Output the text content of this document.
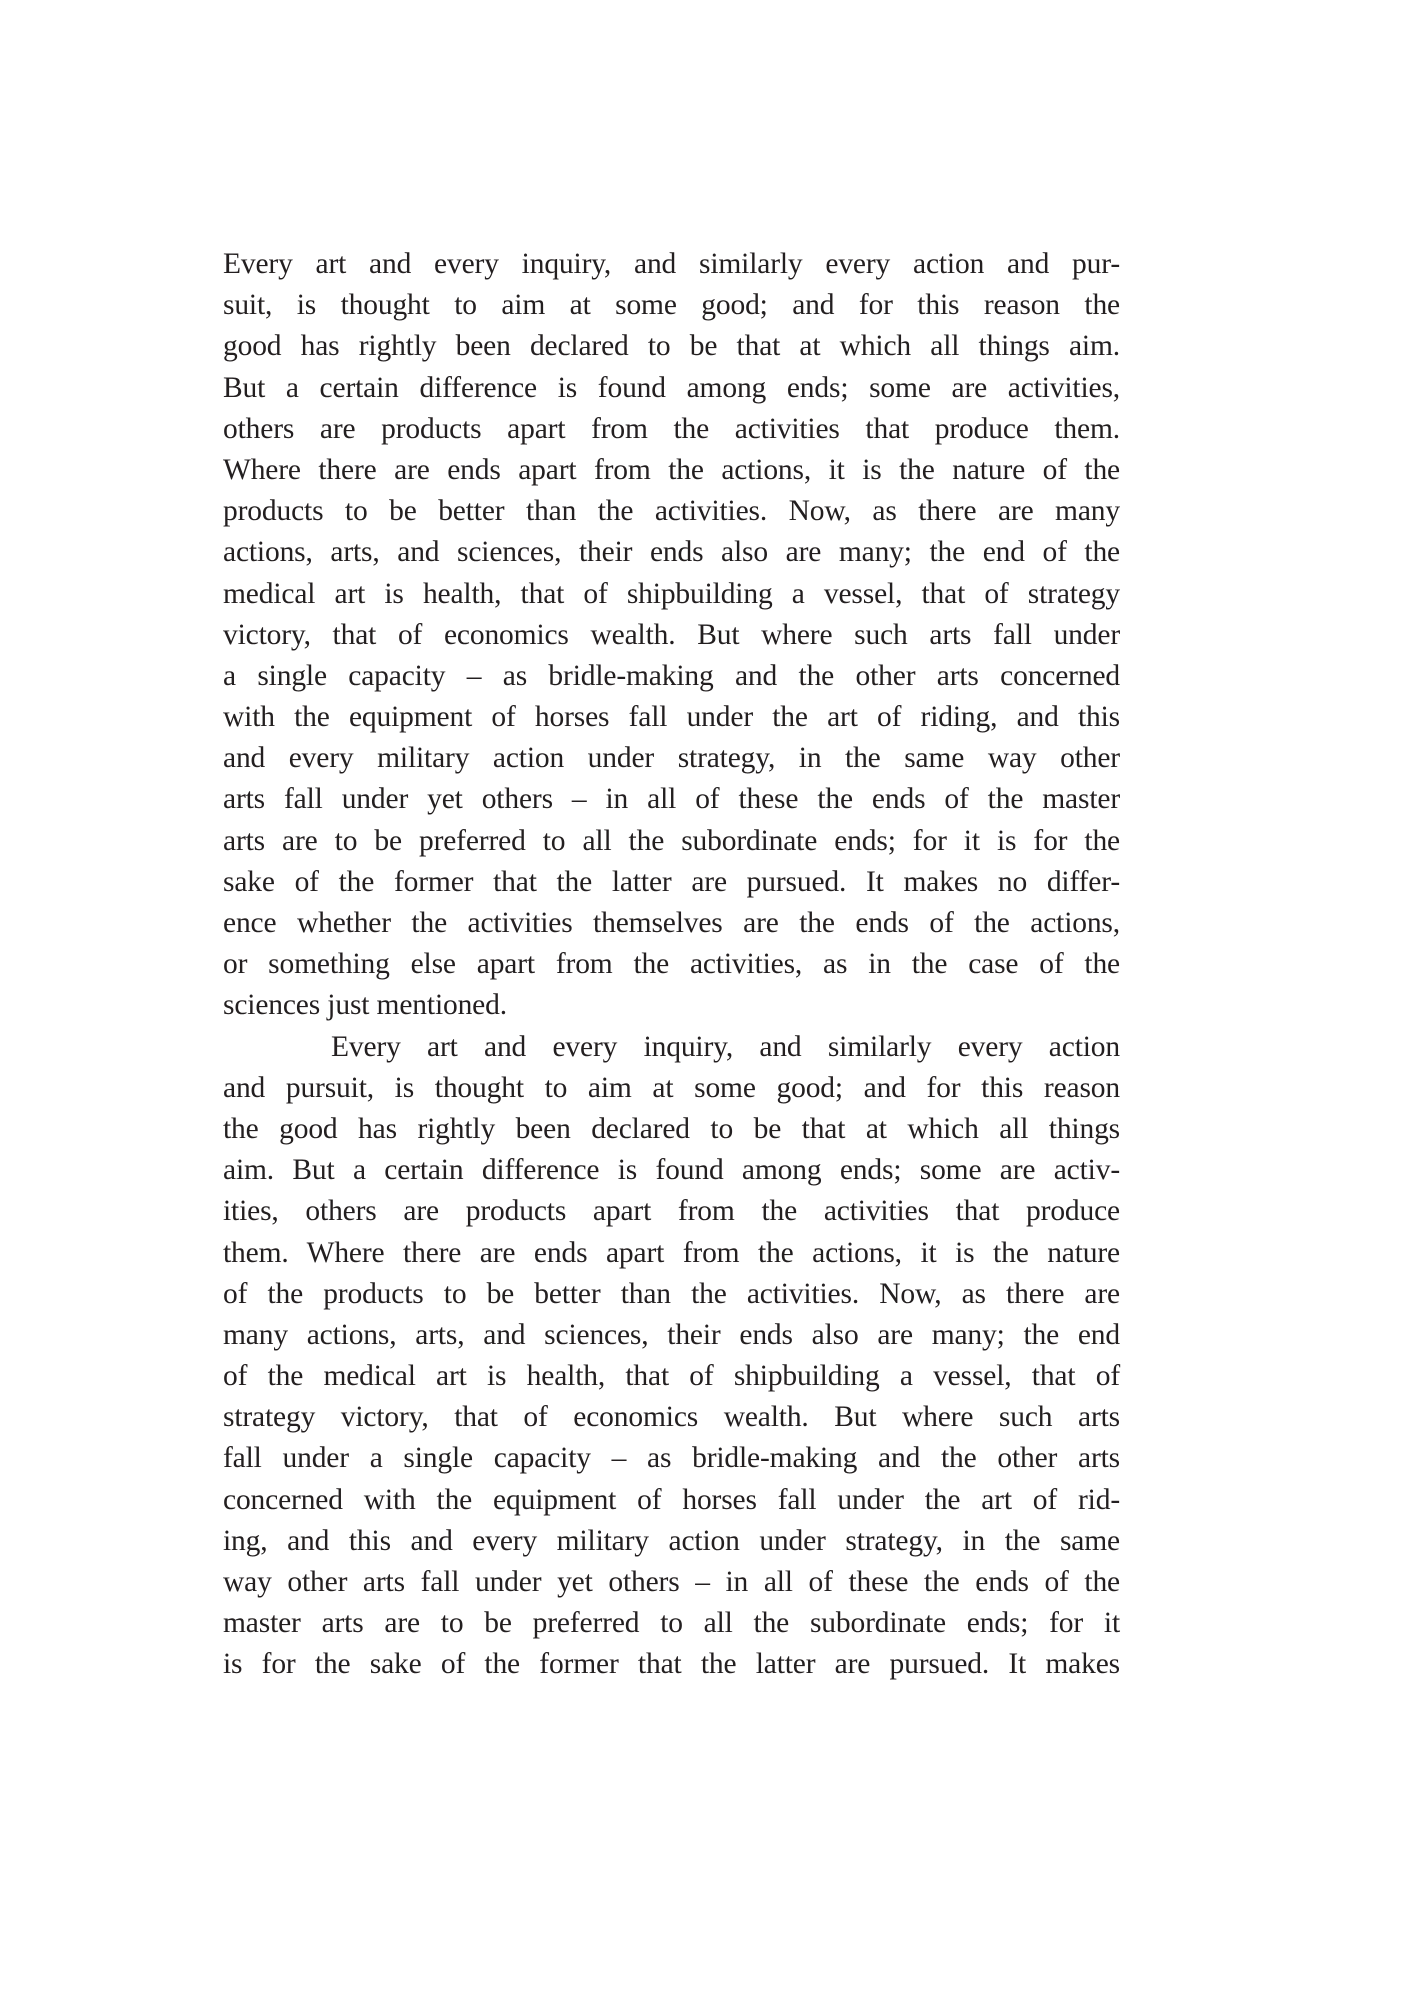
Every art and every inquiry, and similarly every action and pur-
suit, is thought to aim at some good; and for this reason the
good has rightly been declared to be that at which all things aim.
But a certain difference is found among ends; some are activities,
others are products apart from the activities that produce them.
Where there are ends apart from the actions, it is the nature of the
products to be better than the activities. Now, as there are many
actions, arts, and sciences, their ends also are many; the end of the
medical art is health, that of shipbuilding a vessel, that of strategy
victory, that of economics wealth. But where such arts fall under
a single capacity – as bridle-making and the other arts concerned
with the equipment of horses fall under the art of riding, and this
and every military action under strategy, in the same way other
arts fall under yet others – in all of these the ends of the master
arts are to be preferred to all the subordinate ends; for it is for the
sake of the former that the latter are pursued. It makes no differ-
ence whether the activities themselves are the ends of the actions,
or something else apart from the activities, as in the case of the
sciences just mentioned.
Every art and every inquiry, and similarly every action
and pursuit, is thought to aim at some good; and for this reason
the good has rightly been declared to be that at which all things
aim. But a certain difference is found among ends; some are activ-
ities, others are products apart from the activities that produce
them. Where there are ends apart from the actions, it is the nature
of the products to be better than the activities. Now, as there are
many actions, arts, and sciences, their ends also are many; the end
of the medical art is health, that of shipbuilding a vessel, that of
strategy victory, that of economics wealth. But where such arts
fall under a single capacity – as bridle-making and the other arts
concerned with the equipment of horses fall under the art of rid-
ing, and this and every military action under strategy, in the same
way other arts fall under yet others – in all of these the ends of the
master arts are to be preferred to all the subordinate ends; for it
is for the sake of the former that the latter are pursued. It makes
